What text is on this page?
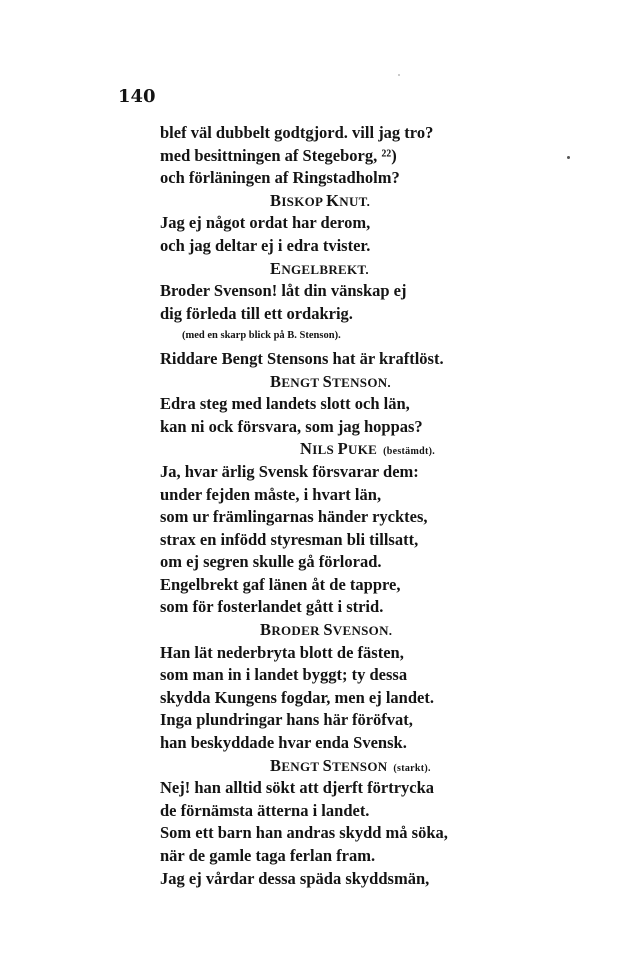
140
blef väl dubbelt godtgjord. vill jag tro?
med besittningen af Stegeborg, ²²)
och förläningen af Ringstadholm?
BISKOP KNUT.
Jag ej något ordat har derom,
och jag deltar ej i edra tvister.
ENGELBREKT.
Broder Svenson! låt din vänskap ej
dig förleda till ett ordakrig.
(med en skarp blick på B. Stenson).
Riddare Bengt Stensons hat är kraftlöst.
BENGT STENSON.
Edra steg med landets slott och län,
kan ni ock försvara, som jag hoppas?
NILS PUKE (bestämdt).
Ja, hvar ärlig Svensk försvarar dem:
under fejden måste, i hvart län,
som ur främlingarnas händer rycktes,
strax en infödd styresman bli tillsatt,
om ej segren skulle gå förlorad.
Engelbrekt gaf länen åt de tappre,
som för fosterlandet gått i strid.
BRODER SVENSON.
Han lät nederbryta blott de fästen,
som man in i landet byggt; ty dessa
skydda Kungens fogdar, men ej landet.
Inga plundringar hans här föröfvat,
han beskyddade hvar enda Svensk.
BENGT STENSON (starkt).
Nej! han alltid sökt att djerft förtrycka
de förnämsta ätterna i landet.
Som ett barn han andras skydd må söka,
när de gamle taga ferlan fram.
Jag ej vårdar dessa späda skyddsmän,
